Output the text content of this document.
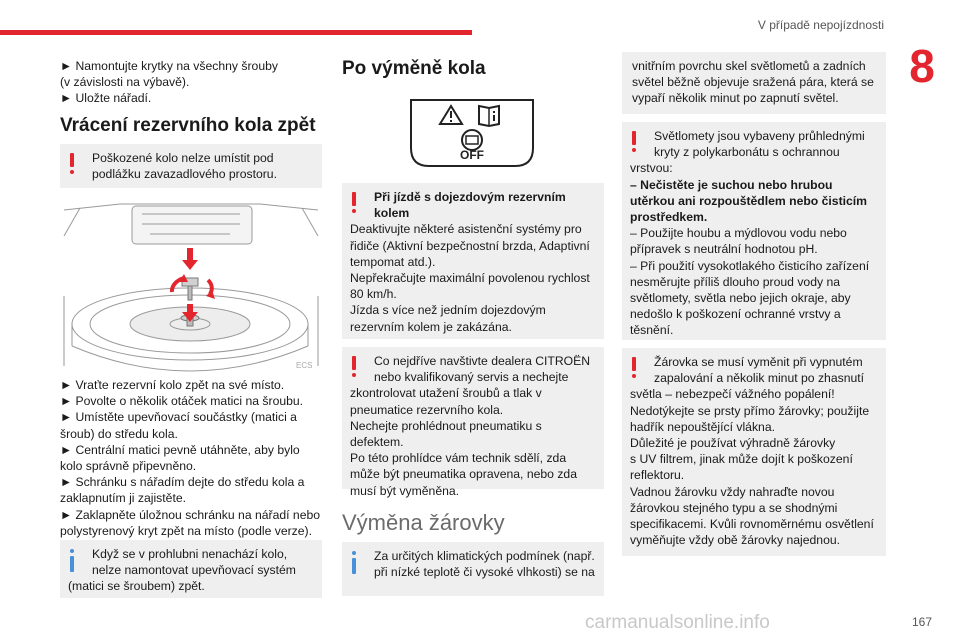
V případě nepojízdnosti
8

► Namontujte krytky na všechny šrouby

(v závislosti na výbavě).

► Uložte nářadí.

Vrácení rezervního kola zpět

Poškozené kolo nelze umístit pod

podlážku zavazadlového prostoru.

ECS

► Vraťte rezervní kolo zpět na své místo.

► Povolte o několik otáček matici na šroubu.

► Umístěte upevňovací součástky (matici a

šroub) do středu kola.

► Centrální matici pevně utáhněte, aby bylo

kolo správně připevněno.

► Schránku s nářadím dejte do středu kola a

zaklapnutím ji zajistěte.

► Zaklapněte úložnou schránku na nářadí nebo

polystyrenový kryt zpět na místo (podle verze).

Když se v prohlubni nenachází kolo,

nelze namontovat upevňovací systém

(matici se šroubem) zpět.

Po výměně kola
OFF

Při jízdě s dojezdovým rezervním

kolem

Deaktivujte některé asistenční systémy pro

řidiče (Aktivní bezpečnostní brzda, Adaptivní

tempomat atd.).

Nepřekračujte maximální povolenou rychlost

80 km/h.

Jízda s více než jedním dojezdovým

rezervním kolem je zakázána.

Co nejdříve navštivte dealera CITROËN

nebo kvalifikovaný servis a nechejte

zkontrolovat utažení šroubů a tlak v

pneumatice rezervního kola.

Nechejte prohlédnout pneumatiku s defektem.

Po této prohlídce vám technik sdělí, zda

může být pneumatika opravena, nebo zda

musí být vyměněna.

Výměna žárovky

Za určitých klimatických podmínek (např.

při nízké teplotě či vysoké vlhkosti) se na

vnitřním povrchu skel světlometů a zadních

světel běžně objevuje sražená pára, která se

vypaří několik minut po zapnutí světel.

Světlomety jsou vybaveny průhlednými

kryty z polykarbonátu s ochrannou

vrstvou:

– Nečistěte je suchou nebo hrubou

utěrkou ani rozpouštědlem nebo čisticím

prostředkem.

– Použijte houbu a mýdlovou vodu nebo

přípravek s neutrální hodnotou pH.

– Při použití vysokotlakého čisticího zařízení

nesměrujte příliš dlouho proud vody na

světlomety, světla nebo jejich okraje, aby

nedošlo k poškození ochranné vrstvy a

těsnění.

Žárovka se musí vyměnit při vypnutém

zapalování a několik minut po zhasnutí

světla – nebezpečí vážného popálení!

Nedotýkejte se prsty přímo žárovky; použijte

hadřík nepouštějící vlákna.

Důležité je používat výhradně žárovky

s UV filtrem, jinak může dojít k poškození

reflektoru.

Vadnou žárovku vždy nahraďte novou

žárovkou stejného typu a se shodnými

specifikacemi. Kvůli rovnoměrnému osvětlení

vyměňujte vždy obě žárovky najednou.

carmanualsonline.info	167
